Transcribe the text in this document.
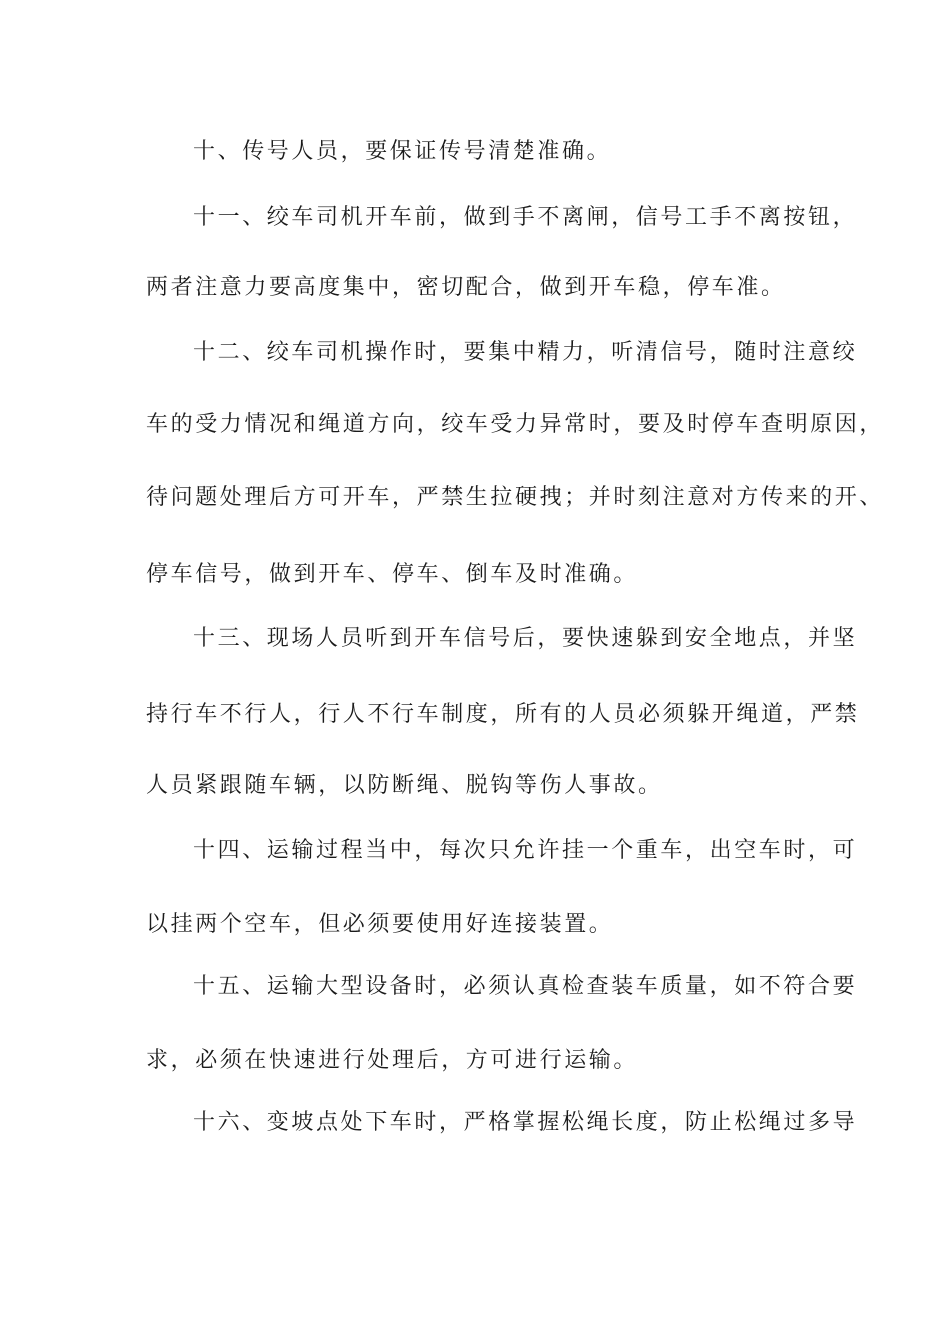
十、传号人员，要保证传号清楚准确。
十一、绞车司机开车前，做到手不离闸，信号工手不离按钮，
两者注意力要高度集中，密切配合，做到开车稳，停车准。
十二、绞车司机操作时，要集中精力，听清信号，随时注意绞
车的受力情况和绳道方向，绞车受力异常时，要及时停车查明原因，
待问题处理后方可开车，严禁生拉硬拽；并时刻注意对方传来的开、
停车信号，做到开车、停车、倒车及时准确。
十三、现场人员听到开车信号后，要快速躲到安全地点，并坚
持行车不行人，行人不行车制度，所有的人员必须躲开绳道，严禁
人员紧跟随车辆，以防断绳、脱钩等伤人事故。
十四、运输过程当中，每次只允许挂一个重车，出空车时，可
以挂两个空车，但必须要使用好连接装置。
十五、运输大型设备时，必须认真检查装车质量，如不符合要
求，必须在快速进行处理后，方可进行运输。
十六、变坡点处下车时，严格掌握松绳长度，防止松绳过多导
